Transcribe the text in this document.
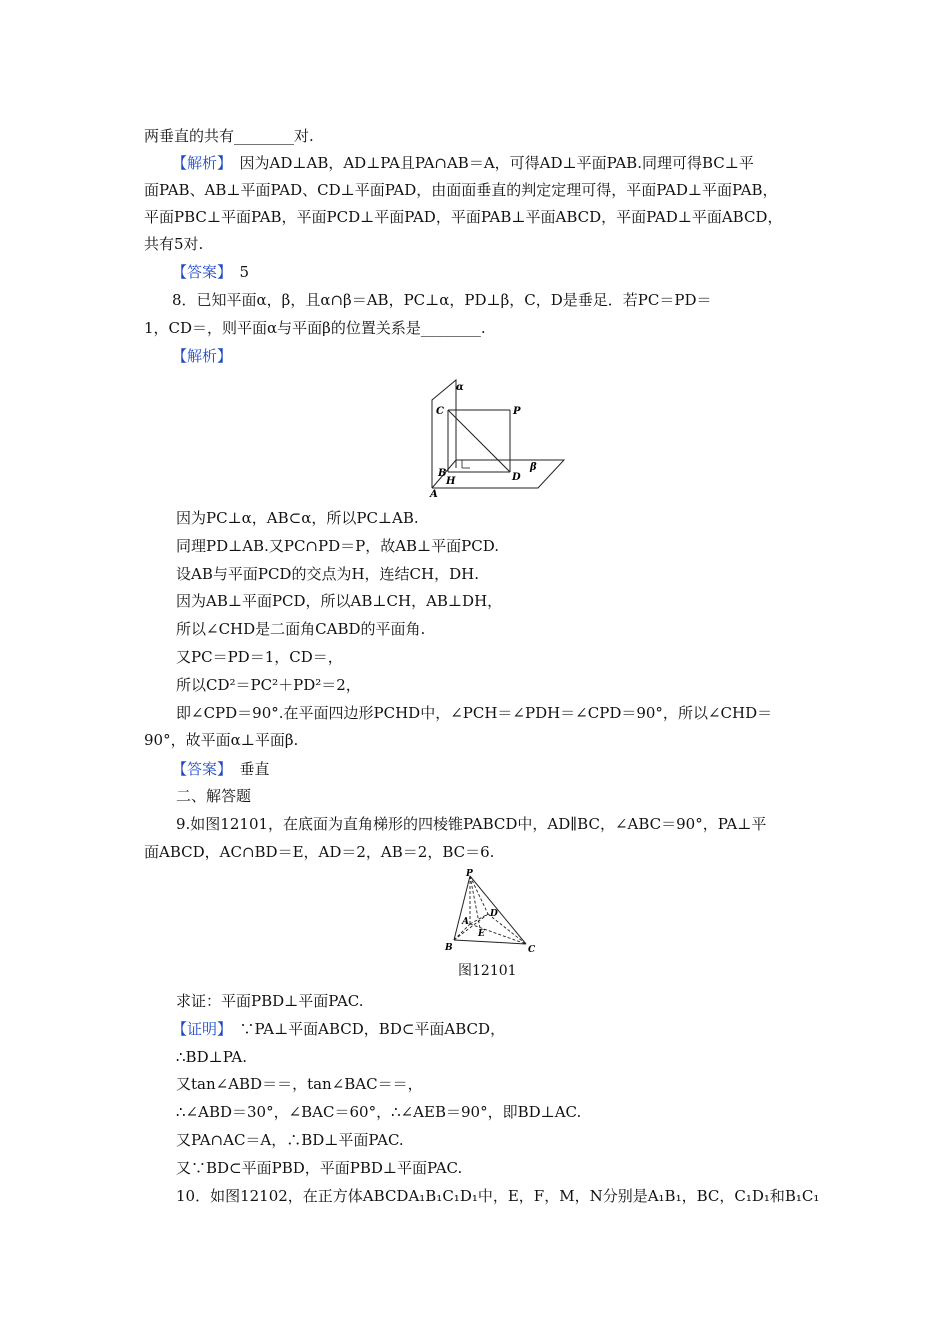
两垂直的共有________对.
【解析】　因为AD⊥AB，AD⊥PA且PA∩AB＝A，可得AD⊥平面PAB.同理可得BC⊥平
面PAB、AB⊥平面PAD、CD⊥平面PAD，由面面垂直的判定定理可得，平面PAD⊥平面PAB，
平面PBC⊥平面PAB，平面PCD⊥平面PAD，平面PAB⊥平面ABCD，平面PAD⊥平面ABCD，
共有5对.
【答案】　5
8．已知平面α，β，且α∩β＝AB，PC⊥α，PD⊥β，C，D是垂足．若PC＝PD＝
1，CD＝，则平面α与平面β的位置关系是________.
【解析】
α
C	P
B
H	D
β
A
因为PC⊥α，AB⊂α，所以PC⊥AB.
同理PD⊥AB.又PC∩PD＝P，故AB⊥平面PCD.
设AB与平面PCD的交点为H，连结CH，DH.
因为AB⊥平面PCD，所以AB⊥CH，AB⊥DH，
所以∠CHD是二面角CABD的平面角.
又PC＝PD＝1，CD＝，
所以CD²＝PC²＋PD²＝2，
即∠CPD＝90°.在平面四边形PCHD中，∠PCH＝∠PDH＝∠CPD＝90°，所以∠CHD＝
90°，故平面α⊥平面β.
【答案】　垂直
二、解答题
9.如图12101，在底面为直角梯形的四棱锥PABCD中，AD∥BC，∠ABC＝90°，PA⊥平
面ABCD，AC∩BD＝E，AD＝2，AB＝2，BC＝6.
P
A
D
E
B	C
图12101
求证：平面PBD⊥平面PAC.
【证明】　∵PA⊥平面ABCD，BD⊂平面ABCD，
∴BD⊥PA.
又tan∠ABD＝＝，tan∠BAC＝＝，
∴∠ABD＝30°，∠BAC＝60°，∴∠AEB＝90°，即BD⊥AC.
又PA∩AC＝A，∴BD⊥平面PAC.
又∵BD⊂平面PBD，平面PBD⊥平面PAC.
10．如图12102，在正方体ABCDA₁B₁C₁D₁中，E，F，M，N分别是A₁B₁，BC，C₁D₁和B₁C₁
